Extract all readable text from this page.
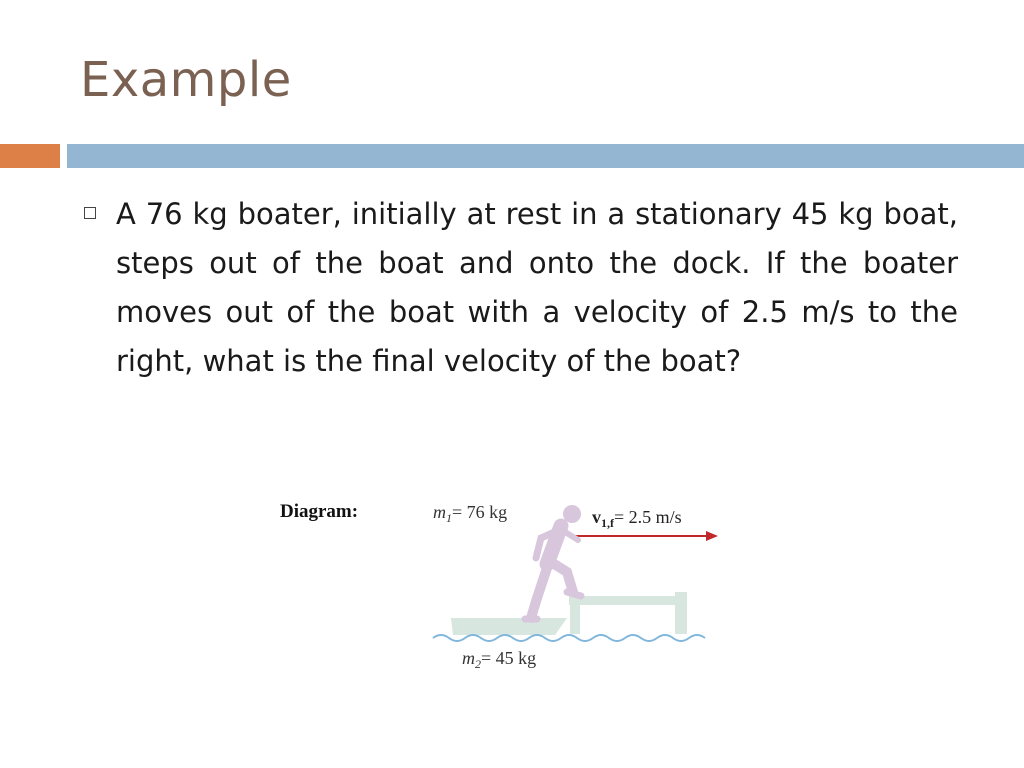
Example

A 76 kg boater, initially at rest in a stationary 45 kg boat, steps out of the boat and onto the dock. If the boater moves out of the boat with a velocity of 2.5 m/s to the right, what is the final velocity of the boat?

Diagram:	$m_1= 76$ kg	$v_{1,f}= 2.5$ m/s
$m_2= 45$ kg
